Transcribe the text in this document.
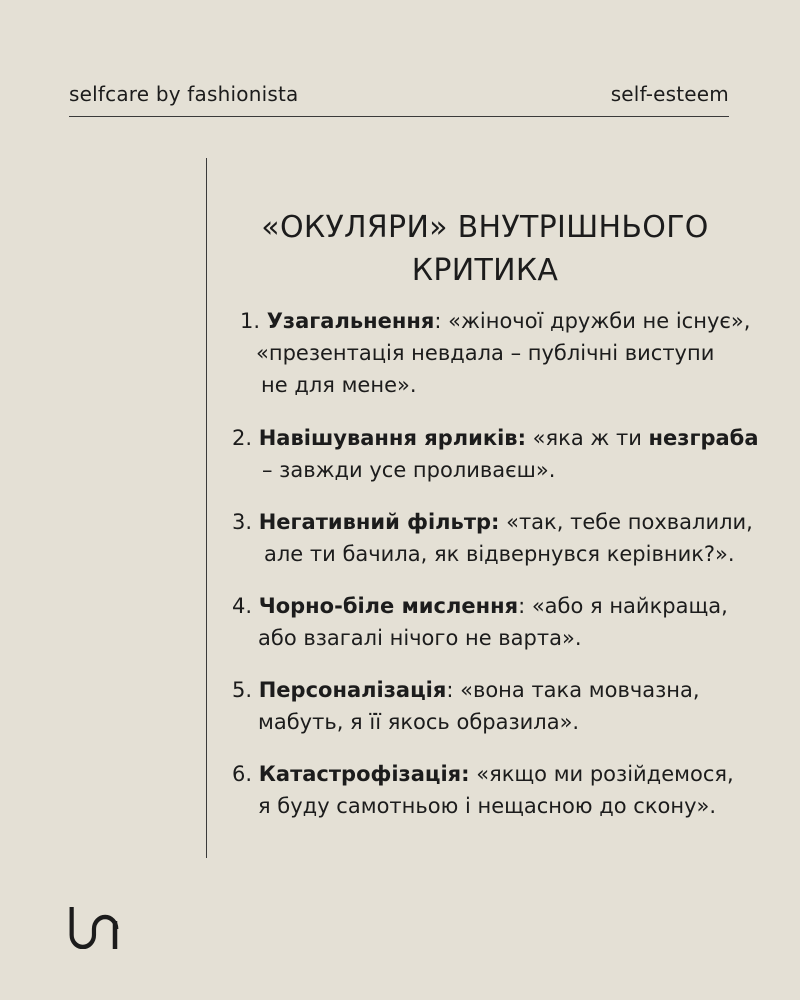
selfcare by fashionista	self-esteem
«ОКУЛЯРИ» ВНУТРІШНЬОГО
КРИТИКА
1. Узагальнення: «жіночої дружби не існує»,
«презентація невдала – публічні виступи
не для мене».
2. Навішування ярликів: «яка ж ти незграба
– завжди усе проливаєш».
3. Негативний фільтр: «так, тебе похвалили,
але ти бачила, як відвернувся керівник?».
4. Чорно-біле мислення: «або я найкраща,
або взагалі нічого не варта».
5. Персоналізація: «вона така мовчазна,
мабуть, я її якось образила».
6. Катастрофізація: «якщо ми розійдемося,
я буду самотньою і нещасною до скону».
